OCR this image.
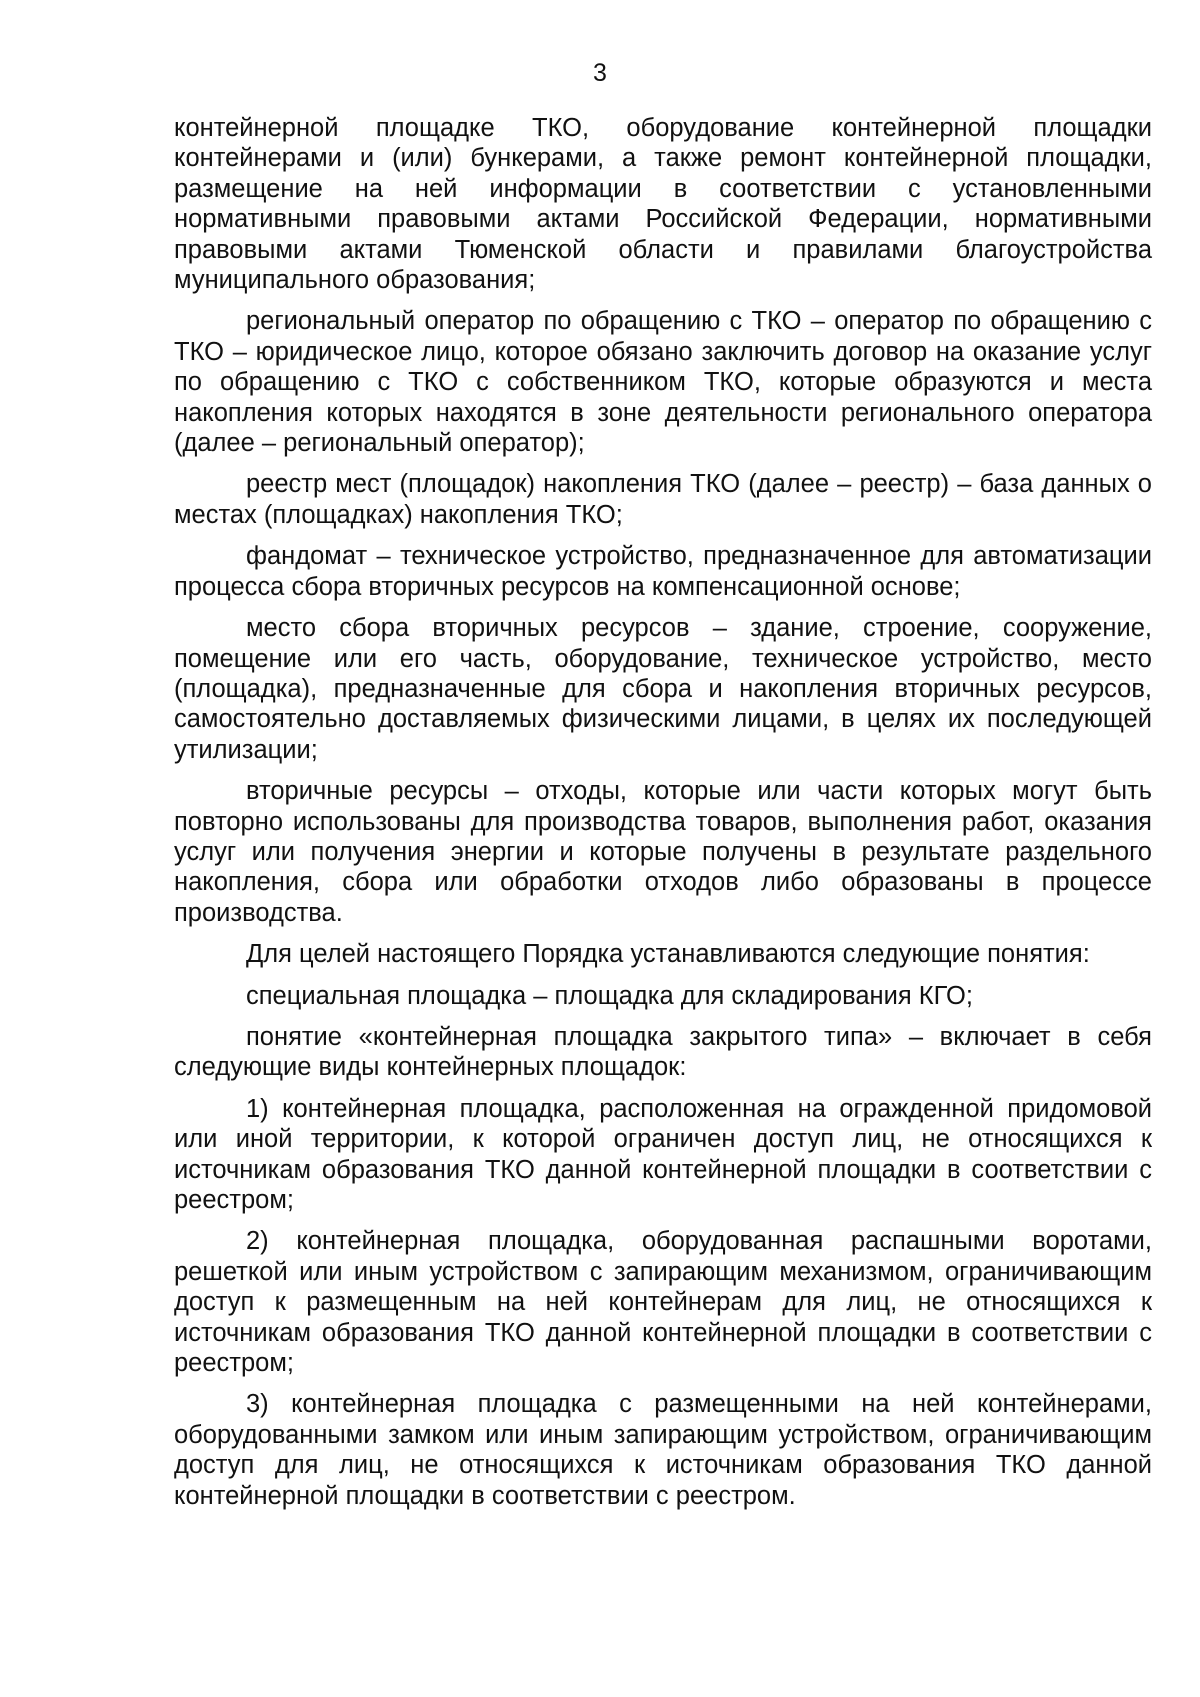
3

контейнерной площадке ТКО, оборудование контейнерной площадки контейнерами и (или) бункерами, а также ремонт контейнерной площадки, размещение на ней информации в соответствии с установленными нормативными правовыми актами Российской Федерации, нормативными правовыми актами Тюменской области и правилами благоустройства муниципального образования;

региональный оператор по обращению с ТКО – оператор по обращению с ТКО – юридическое лицо, которое обязано заключить договор на оказание услуг по обращению с ТКО с собственником ТКО, которые образуются и места накопления которых находятся в зоне деятельности регионального оператора (далее – региональный оператор);

реестр мест (площадок) накопления ТКО (далее – реестр) – база данных о местах (площадках) накопления ТКО;

фандомат – техническое устройство, предназначенное для автоматизации процесса сбора вторичных ресурсов на компенсационной основе;

место сбора вторичных ресурсов – здание, строение, сооружение, помещение или его часть, оборудование, техническое устройство, место (площадка), предназначенные для сбора и накопления вторичных ресурсов, самостоятельно доставляемых физическими лицами, в целях их последующей утилизации;

вторичные ресурсы – отходы, которые или части которых могут быть повторно использованы для производства товаров, выполнения работ, оказания услуг или получения энергии и которые получены в результате раздельного накопления, сбора или обработки отходов либо образованы в процессе производства.

Для целей настоящего Порядка устанавливаются следующие понятия:

специальная площадка – площадка для складирования КГО;

понятие «контейнерная площадка закрытого типа» – включает в себя следующие виды контейнерных площадок:

1) контейнерная площадка, расположенная на огражденной придомовой или иной территории, к которой ограничен доступ лиц, не относящихся к источникам образования ТКО данной контейнерной площадки в соответствии с реестром;

2) контейнерная площадка, оборудованная распашными воротами, решеткой или иным устройством с запирающим механизмом, ограничивающим доступ к размещенным на ней контейнерам для лиц, не относящихся к источникам образования ТКО данной контейнерной площадки в соответствии с реестром;

3) контейнерная площадка с размещенными на ней контейнерами, оборудованными замком или иным запирающим устройством, ограничивающим доступ для лиц, не относящихся к источникам образования ТКО данной контейнерной площадки в соответствии с реестром.
